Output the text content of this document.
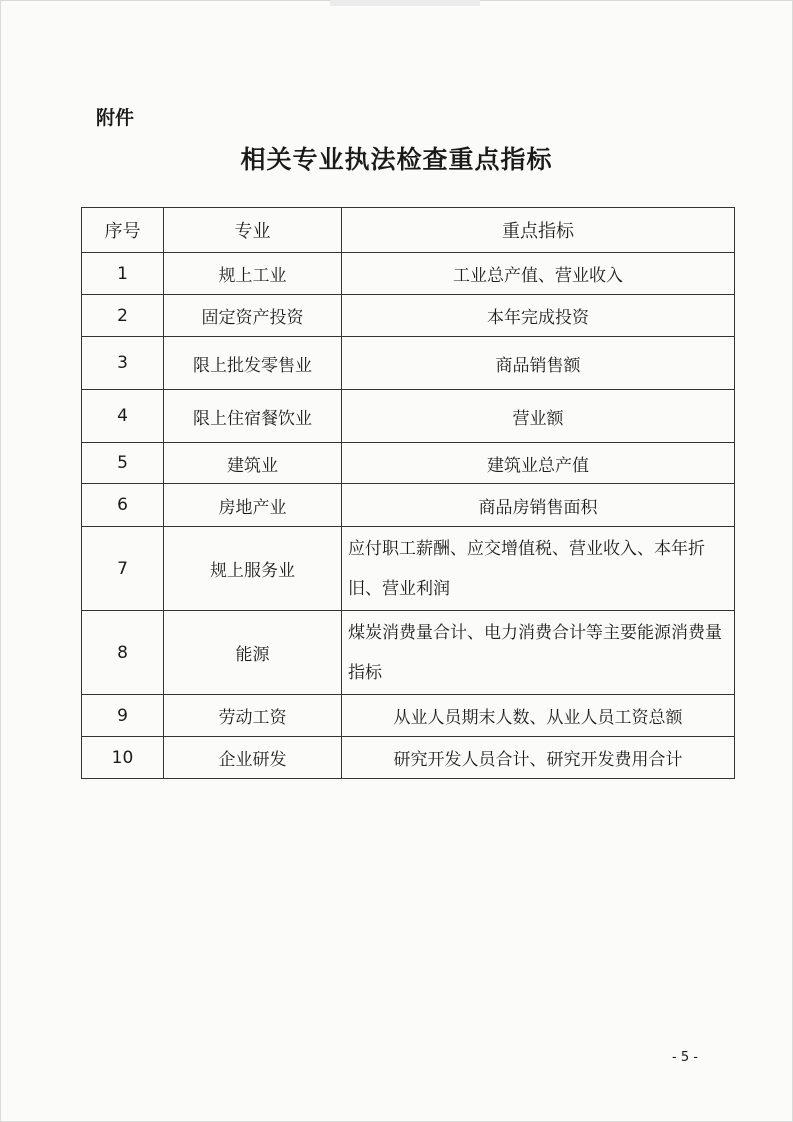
附件
相关专业执法检查重点指标
序号	专业	重点指标
1	规上工业	工业总产值、营业收入
2	固定资产投资	本年完成投资
3	限上批发零售业	商品销售额
4	限上住宿餐饮业	营业额
5	建筑业	建筑业总产值
6	房地产业	商品房销售面积
7	规上服务业	应付职工薪酬、应交增值税、营业收入、本年折旧、营业利润
8	能源	煤炭消费量合计、电力消费合计等主要能源消费量指标
9	劳动工资	从业人员期末人数、从业人员工资总额
10	企业研发	研究开发人员合计、研究开发费用合计
- 5 -
